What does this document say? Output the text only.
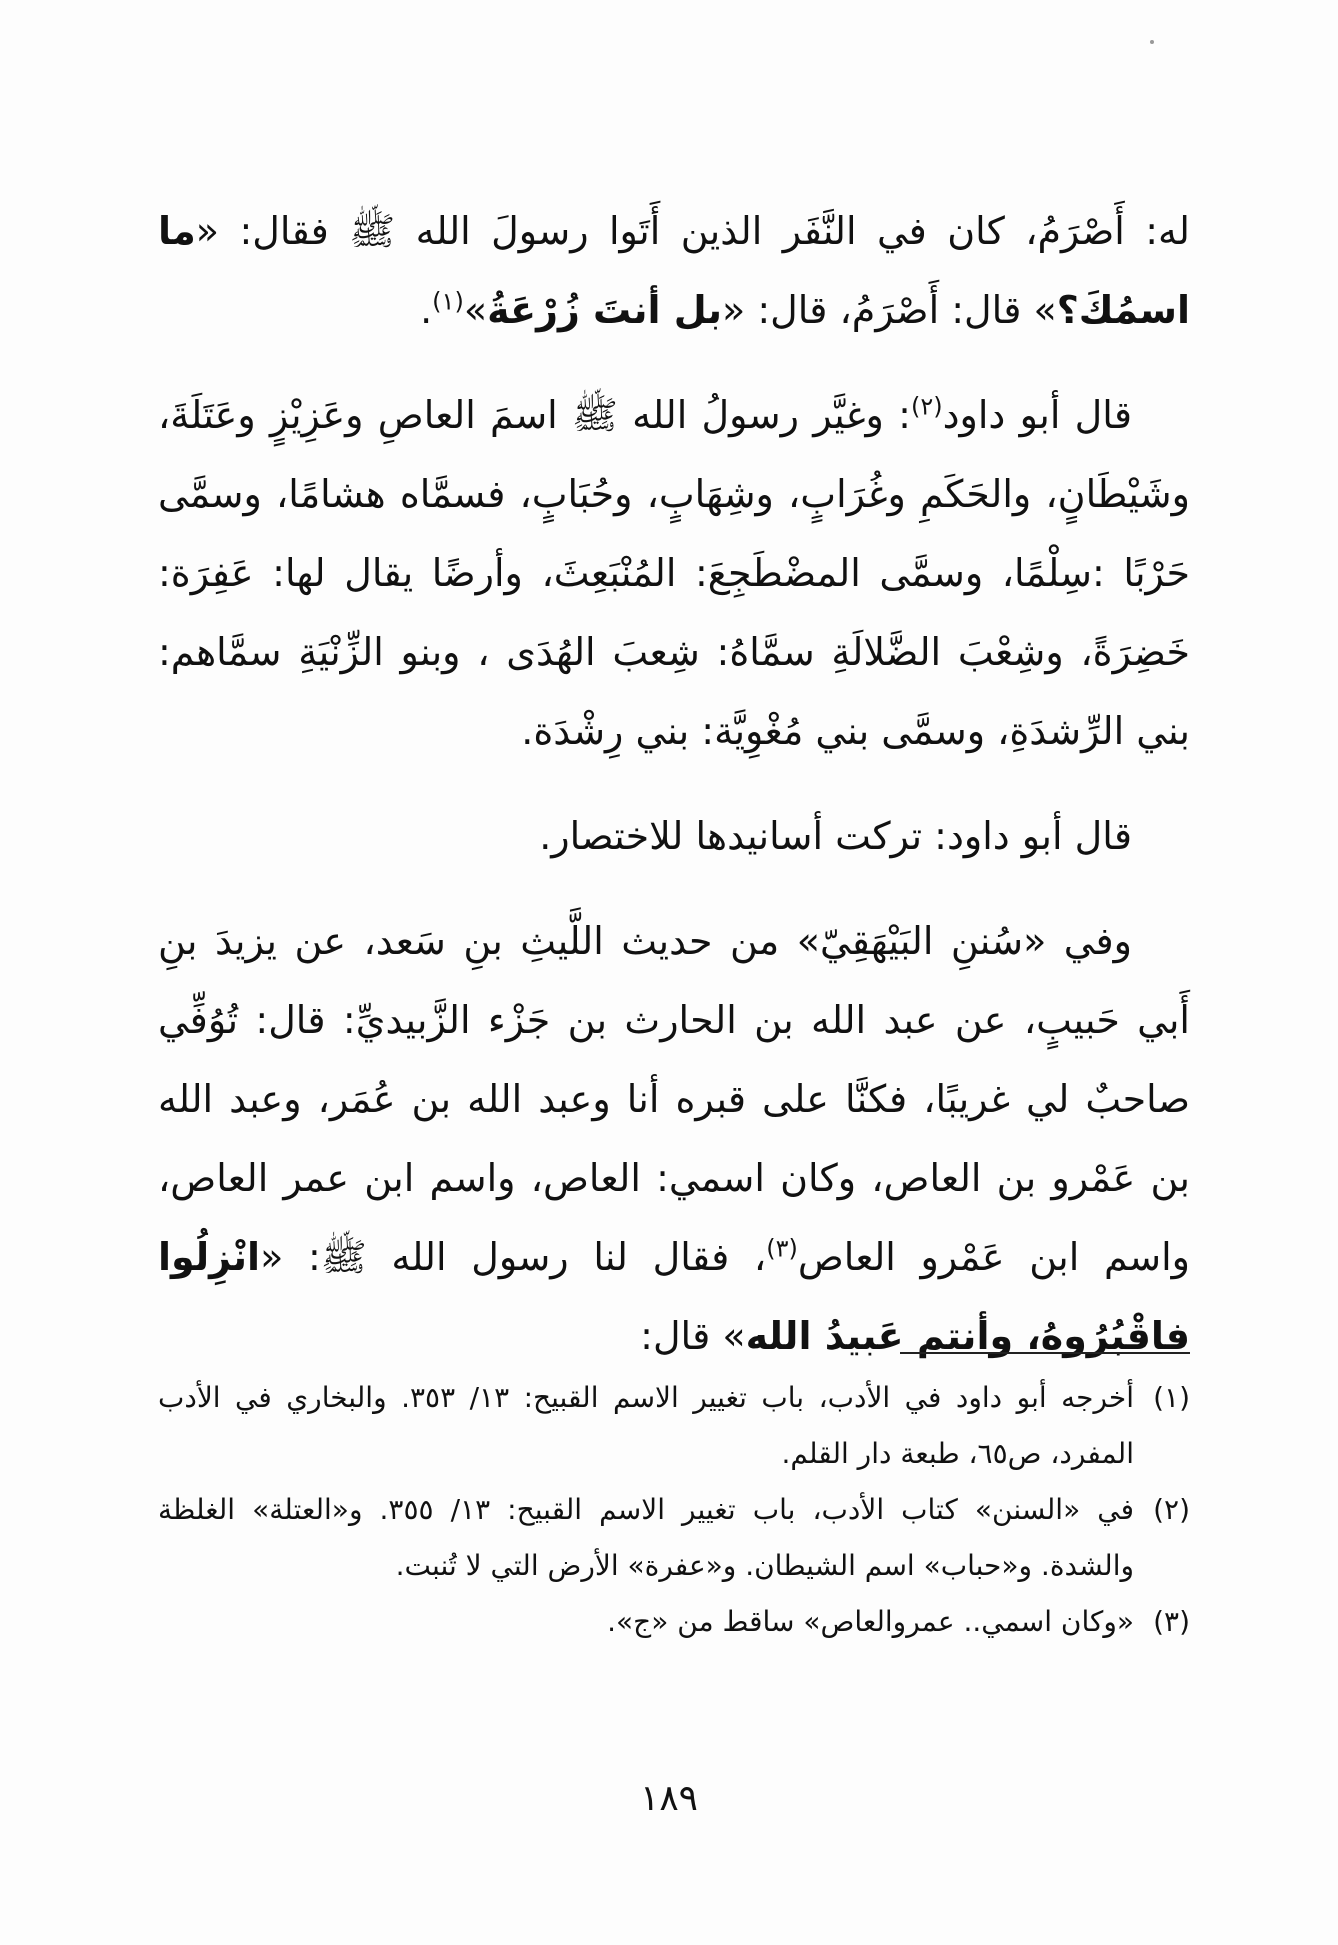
له: أَصْرَمُ، كان في النَّفَر الذين أَتَوا رسولَ الله ﷺ فقال: «ما اسمُكَ؟» قال: أَصْرَمُ، قال: «بل أنتَ زُرْعَةُ»$^{(١)}$.

قال أبو داود$^{(٢)}$: وغيَّر رسولُ الله ﷺ اسمَ العاصِ وعَزِيْزٍ وعَتَلَةَ، وشَيْطَانٍ، والحَكَمِ وغُرَابٍ، وشِهَابٍ، وحُبَابٍ، فسمَّاه هشامًا، وسمَّى حَرْبًا :سِلْمًا، وسمَّى المضْطَجِعَ: المُنْبَعِثَ، وأرضًا يقال لها: عَفِرَة: خَضِرَةً، وشِعْبَ الضَّلالَةِ سمَّاهُ: شِعبَ الهُدَى ، وبنو الزِّنْيَةِ سمَّاهم: بني الرِّشدَةِ، وسمَّى بني مُغْوِيَّة: بني رِشْدَة.

قال أبو داود: تركت أسانيدها للاختصار.

وفي «سُننِ البَيْهَقِيّ» من حديث اللَّيثِ بنِ سَعد، عن يزيدَ بنِ أَبي حَبيبٍ، عن عبد الله بن الحارث بن جَزْء الزَّبيديِّ: قال: تُوُفِّي صاحبٌ لي غريبًا، فكنَّا على قبره أنا وعبد الله بن عُمَر، وعبد الله بن عَمْرو بن العاص، وكان اسمي: العاص، واسم ابن عمر العاص، واسم ابن عَمْرو العاص$^{(٣)}$، فقال لنا رسول الله ﷺ: «انْزِلُوا فاقْبُرُوهُ، وأنتم عَبيدُ الله» قال:

(١)
أخرجه أبو داود في الأدب، باب تغيير الاسم القبيح: ١٣/ ٣٥٣. والبخاري في الأدب المفرد، ص٦٥، طبعة دار القلم.
(٢)
في «السنن» كتاب الأدب، باب تغيير الاسم القبيح: ١٣/ ٣٥٥. و«العتلة» الغلظة والشدة. و«حباب» اسم الشيطان. و«عفرة» الأرض التي لا تُنبت.
(٣)
«وكان اسمي.. عمروالعاص» ساقط من «ج».
١٨٩
